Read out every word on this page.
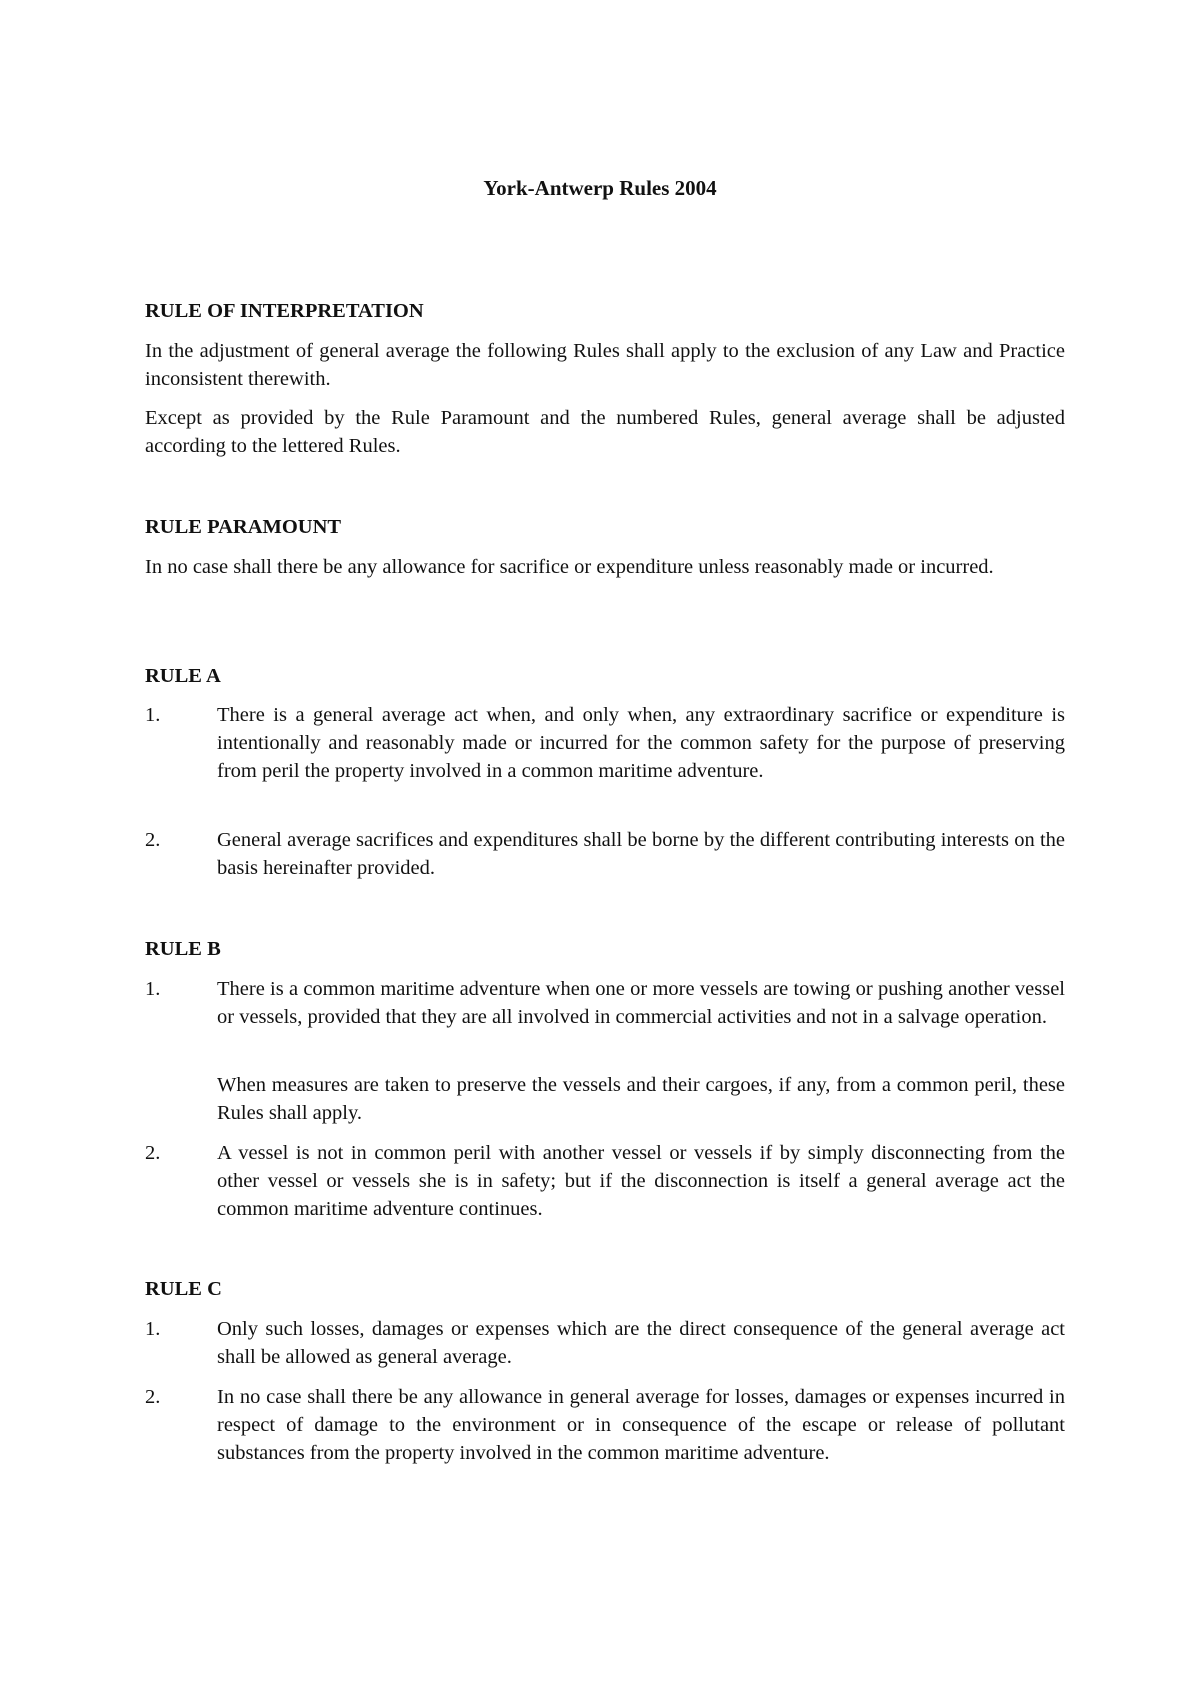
York-Antwerp Rules 2004
RULE OF INTERPRETATION
In the adjustment of general average the following Rules shall apply to the exclusion of any Law and Practice inconsistent therewith.
Except as provided by the Rule Paramount and the numbered Rules, general average shall be adjusted according to the lettered Rules.
RULE PARAMOUNT
In no case shall there be any allowance for sacrifice or expenditure unless reasonably made or incurred.
RULE A
1.	There is a general average act when, and only when, any extraordinary sacrifice or expenditure is intentionally and reasonably made or incurred for the common safety for the purpose of preserving from peril the property involved in a common maritime adventure.
2.	General average sacrifices and expenditures shall be borne by the different contributing interests on the basis hereinafter provided.
RULE B
1.	There is a common maritime adventure when one or more vessels are towing or pushing another vessel or vessels, provided that they are all involved in commercial activities and not in a salvage operation.
When measures are taken to preserve the vessels and their cargoes, if any, from a common peril, these Rules shall apply.
2.	A vessel is not in common peril with another vessel or vessels if by simply disconnecting from the other vessel or vessels she is in safety; but if the disconnection is itself a general average act the common maritime adventure continues.
RULE C
1.	Only such losses, damages or expenses which are the direct consequence of the general average act shall be allowed as general average.
2.	In no case shall there be any allowance in general average for losses, damages or expenses incurred in respect of damage to the environment or in consequence of the escape or release of pollutant substances from the property involved in the common maritime adventure.
